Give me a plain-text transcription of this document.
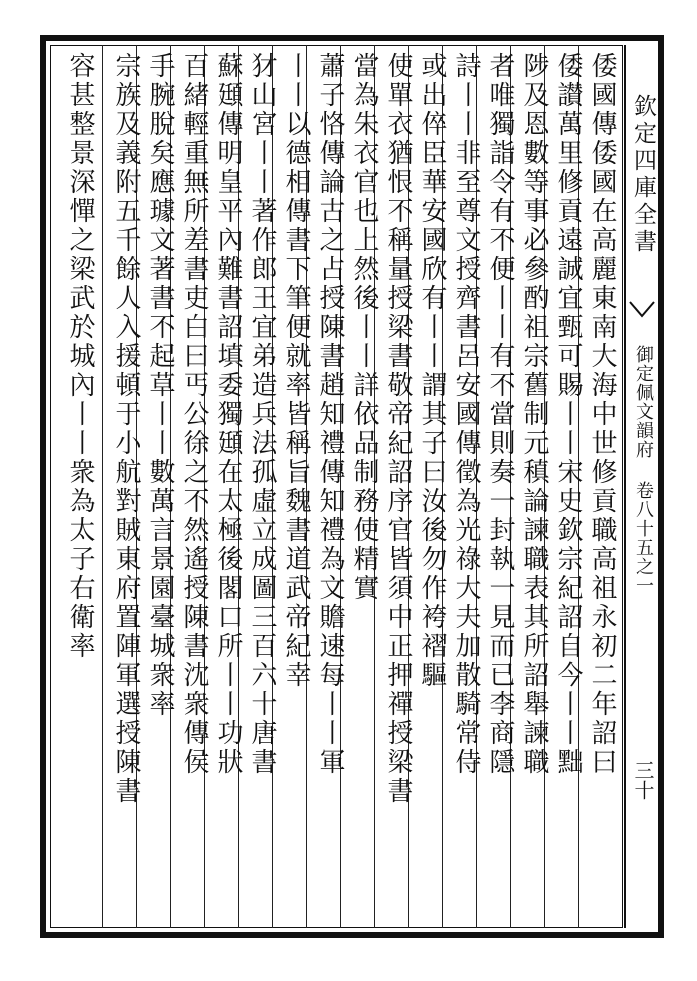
欽定四庫全書
御定佩文韻府 卷八十五之一
三十
倭國傳倭國在高麗東南大海中世修貢職高祖永初二年詔曰
倭讃萬里修貢遠誠宜甄可賜丨丨宋史欽宗紀詔自今丨丨黜
陟及恩數等事必參酌祖宗舊制元稹論諫職表其所詔舉諫職
者唯獨詣令有不便丨丨有不當則奏一封執一見而已李商隱
詩丨丨非至尊文授齊書呂安國傳徵為光祿大夫加散騎常侍
或出倅臣華安國欣有丨丨謂其子曰汝後勿作袴褶驅
使單衣猶恨不稱量授梁書敬帝紀詔序官皆須中正押禪授梁書
當為朱衣官也上然後丨丨詳依品制務使精實
蕭子恪傳論古之占授陳書趙知禮傳知禮為文贍速每丨丨軍
丨丨以德相傳書下筆便就率皆稱旨魏書道武帝紀幸
犲山宮丨丨著作郎王宜弟造兵法孤虛立成圖三百六十唐書
蘇頲傳明皇平內難書詔填委獨頲在太極後閣口所丨丨功狀
百緒輕重無所差書吏白曰丐公徐之不然遙授陳書沈衆傳侯
手腕脫矣應璩文著書不起草丨丨數萬言景園臺城衆率
宗族及義附五千餘人入援頓于小航對賊東府置陣軍選授陳書
容甚整景深憚之梁武於城內丨丨衆為太子右衛率
